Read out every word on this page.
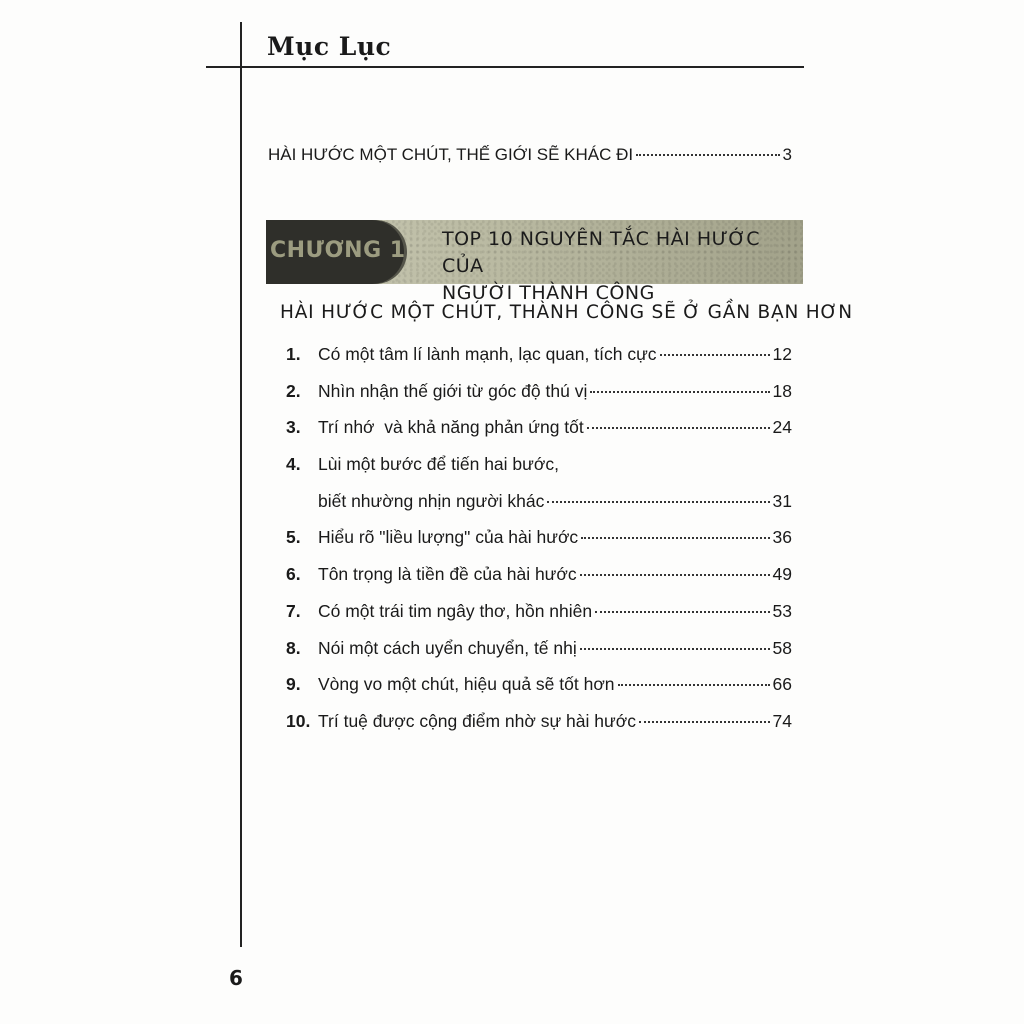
Mục Lục
HÀI HƯỚC MỘT CHÚT, THẾ GIỚI SẼ KHÁC ĐI	3
CHƯƠNG 1 TOP 10 NGUYÊN TẮC HÀI HƯỚC CỦA
NGƯỜI THÀNH CÔNG
HÀI HƯỚC MỘT CHÚT, THÀNH CÔNG SẼ Ở GẦN BẠN HƠN
1. Có một tâm lí lành mạnh, lạc quan, tích cực	12
2. Nhìn nhận thế giới từ góc độ thú vị	18
3. Trí nhớ  và khả năng phản ứng tốt	24
4. Lùi một bước để tiến hai bước,
biết nhường nhịn người khác	31
5. Hiểu rõ "liều lượng" của hài hước	36
6. Tôn trọng là tiền đề của hài hước	49
7. Có một trái tim ngây thơ, hồn nhiên	53
8. Nói một cách uyển chuyển, tế nhị	58
9. Vòng vo một chút, hiệu quả sẽ tốt hơn	66
10. Trí tuệ được cộng điểm nhờ sự hài hước	74
6
